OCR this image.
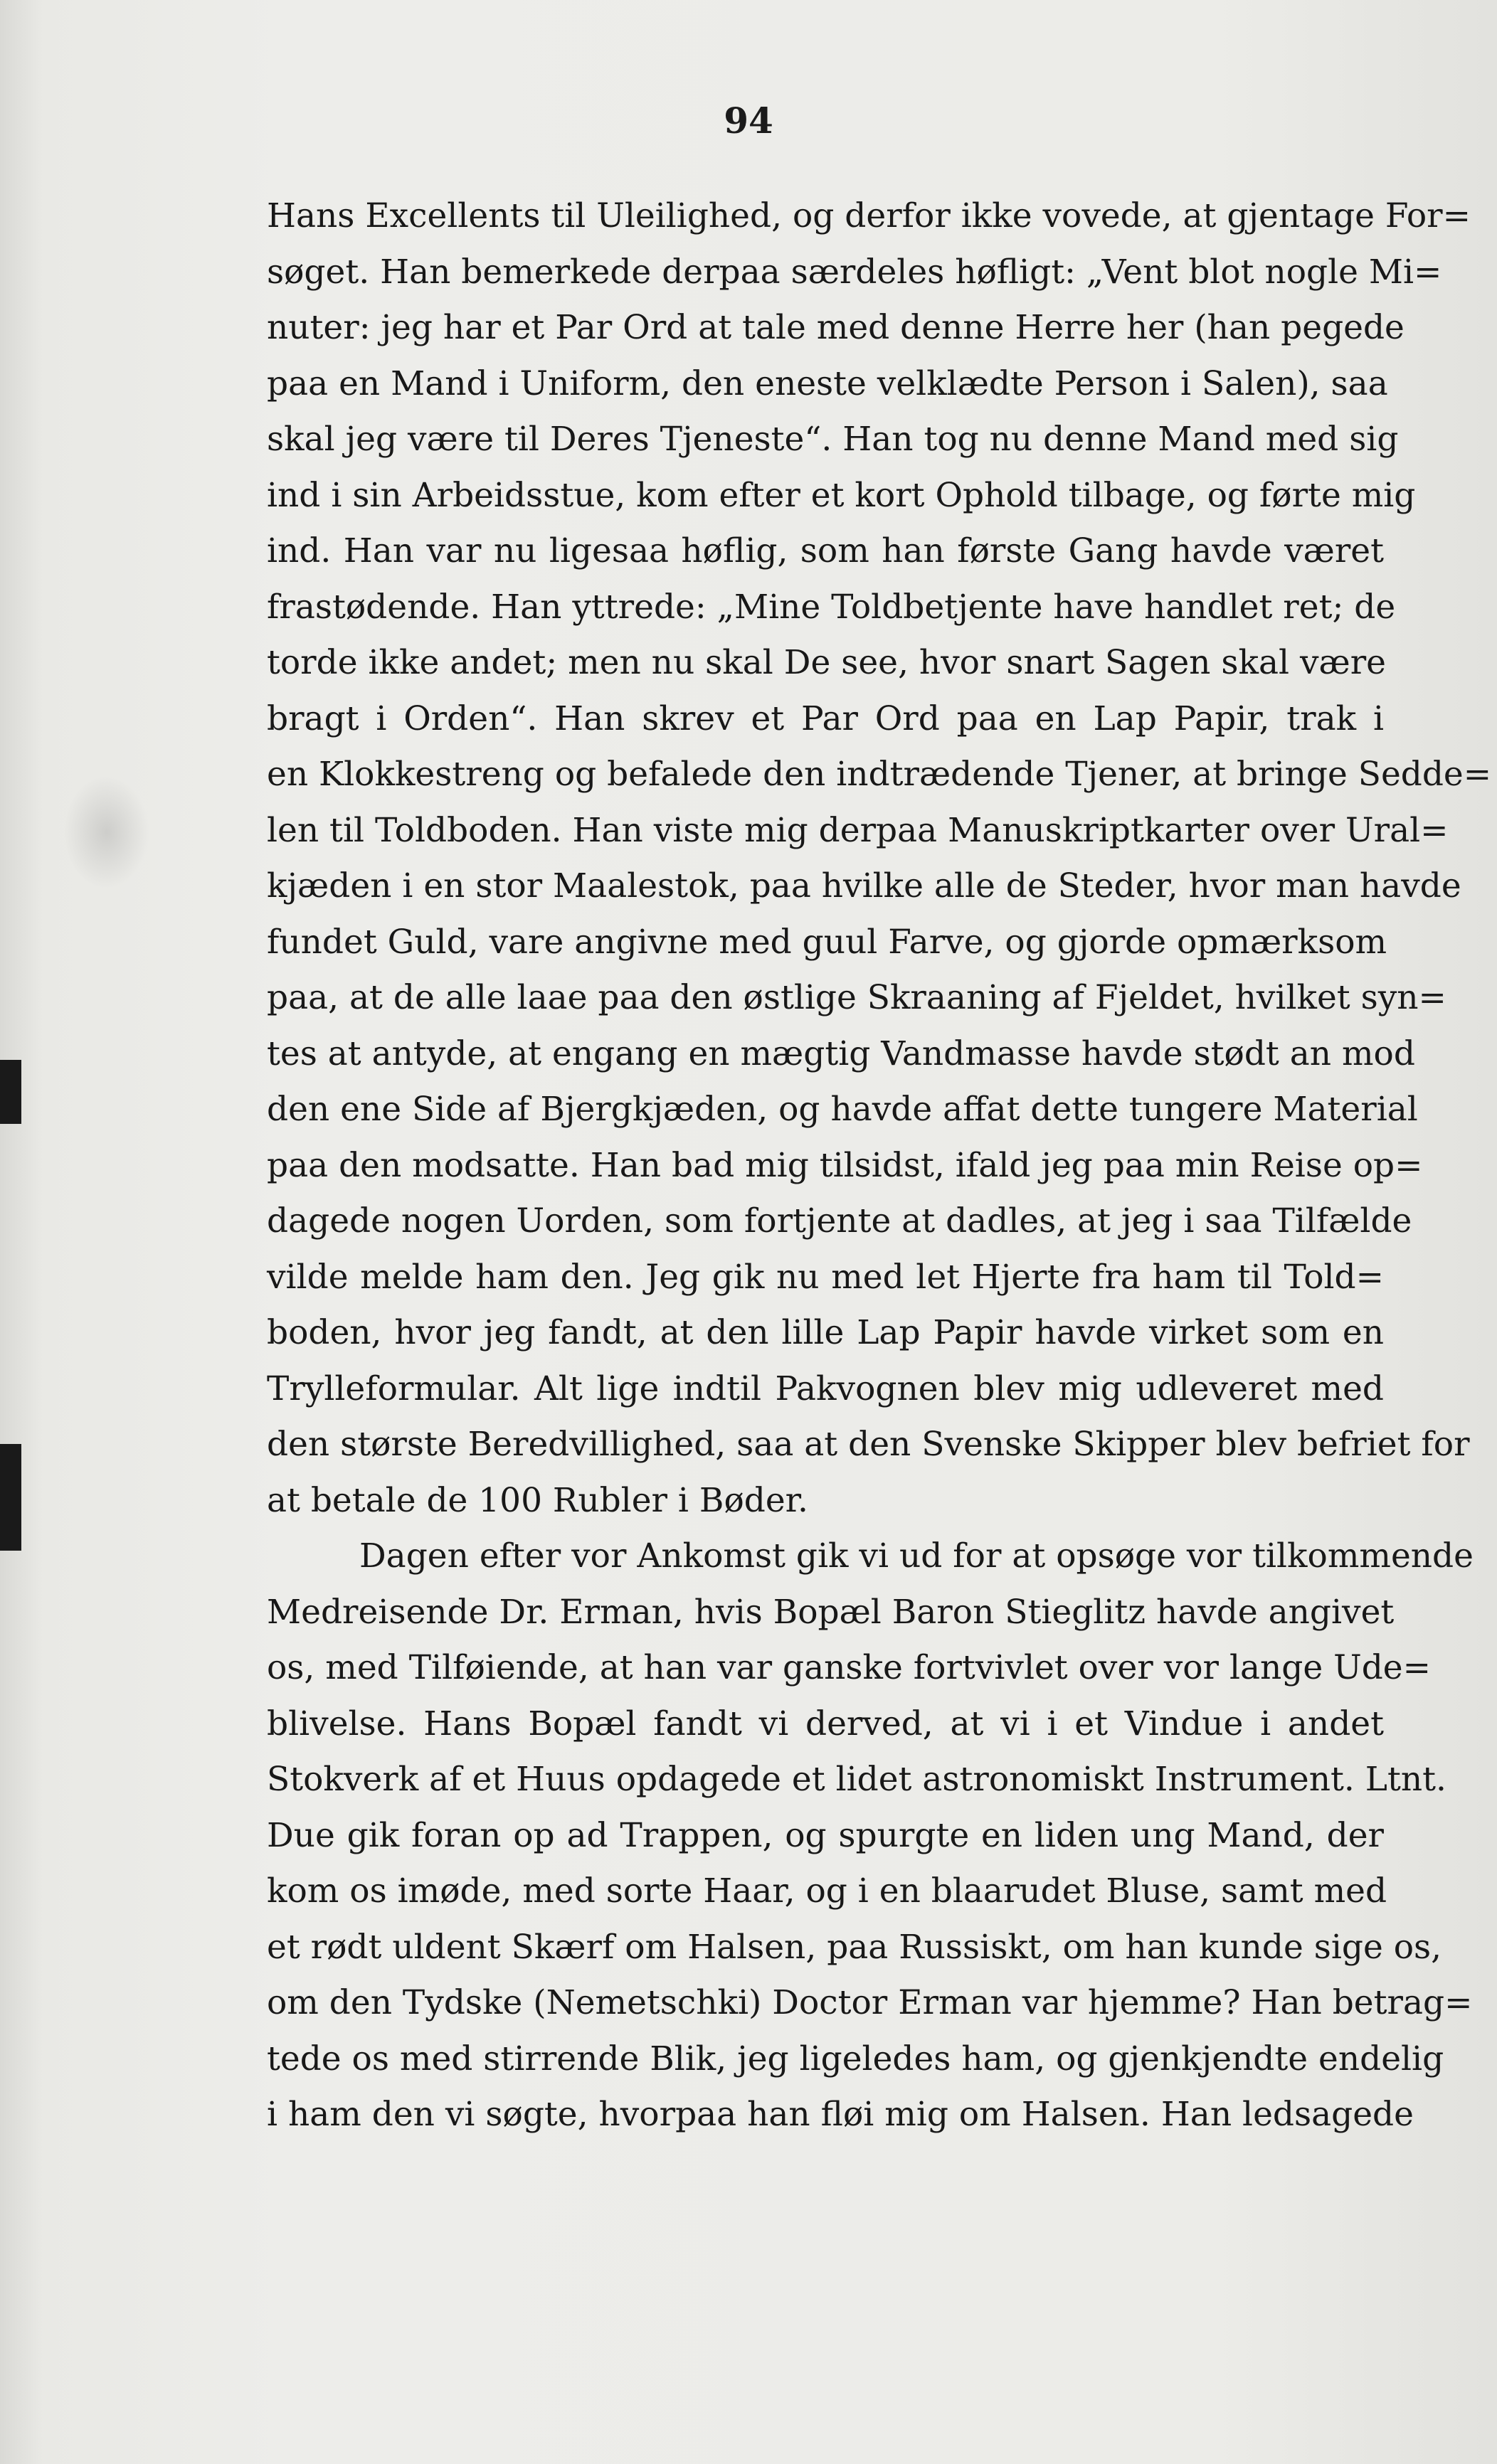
94

Hans Excellents til Uleilighed, og derfor ikke vovede, at gjentage For=
søget. Han bemerkede derpaa særdeles høfligt: „Vent blot nogle Mi=
nuter: jeg har et Par Ord at tale med denne Herre her (han pegede
paa en Mand i Uniform, den eneste velklædte Person i Salen), saa
skal jeg være til Deres Tjeneste“. Han tog nu denne Mand med sig
ind i sin Arbeidsstue, kom efter et kort Ophold tilbage, og førte mig
ind. Han var nu ligesaa høflig, som han første Gang havde været
frastødende. Han yttrede: „Mine Toldbetjente have handlet ret; de
torde ikke andet; men nu skal De see, hvor snart Sagen skal være
bragt i Orden“. Han skrev et Par Ord paa en Lap Papir, trak i
en Klokkestreng og befalede den indtrædende Tjener, at bringe Sedde=
len til Toldboden. Han viste mig derpaa Manuskriptkarter over Ural=
kjæden i en stor Maalestok, paa hvilke alle de Steder, hvor man havde
fundet Guld, vare angivne med guul Farve, og gjorde opmærksom
paa, at de alle laae paa den østlige Skraaning af Fjeldet, hvilket syn=
tes at antyde, at engang en mægtig Vandmasse havde stødt an mod
den ene Side af Bjergkjæden, og havde affat dette tungere Material
paa den modsatte. Han bad mig tilsidst, ifald jeg paa min Reise op=
dagede nogen Uorden, som fortjente at dadles, at jeg i saa Tilfælde
vilde melde ham den. Jeg gik nu med let Hjerte fra ham til Told=
boden, hvor jeg fandt, at den lille Lap Papir havde virket som en
Trylleformular. Alt lige indtil Pakvognen blev mig udleveret med
den største Beredvillighed, saa at den Svenske Skipper blev befriet for
at betale de 100 Rubler i Bøder.
Dagen efter vor Ankomst gik vi ud for at opsøge vor tilkommende
Medreisende Dr. Erman, hvis Bopæl Baron Stieglitz havde angivet
os, med Tilføiende, at han var ganske fortvivlet over vor lange Ude=
blivelse. Hans Bopæl fandt vi derved, at vi i et Vindue i andet
Stokverk af et Huus opdagede et lidet astronomiskt Instrument. Ltnt.
Due gik foran op ad Trappen, og spurgte en liden ung Mand, der
kom os imøde, med sorte Haar, og i en blaarudet Bluse, samt med
et rødt uldent Skærf om Halsen, paa Russiskt, om han kunde sige os,
om den Tydske (Nemetschki) Doctor Erman var hjemme? Han betrag=
tede os med stirrende Blik, jeg ligeledes ham, og gjenkjendte endelig
i ham den vi søgte, hvorpaa han fløi mig om Halsen. Han ledsagede
